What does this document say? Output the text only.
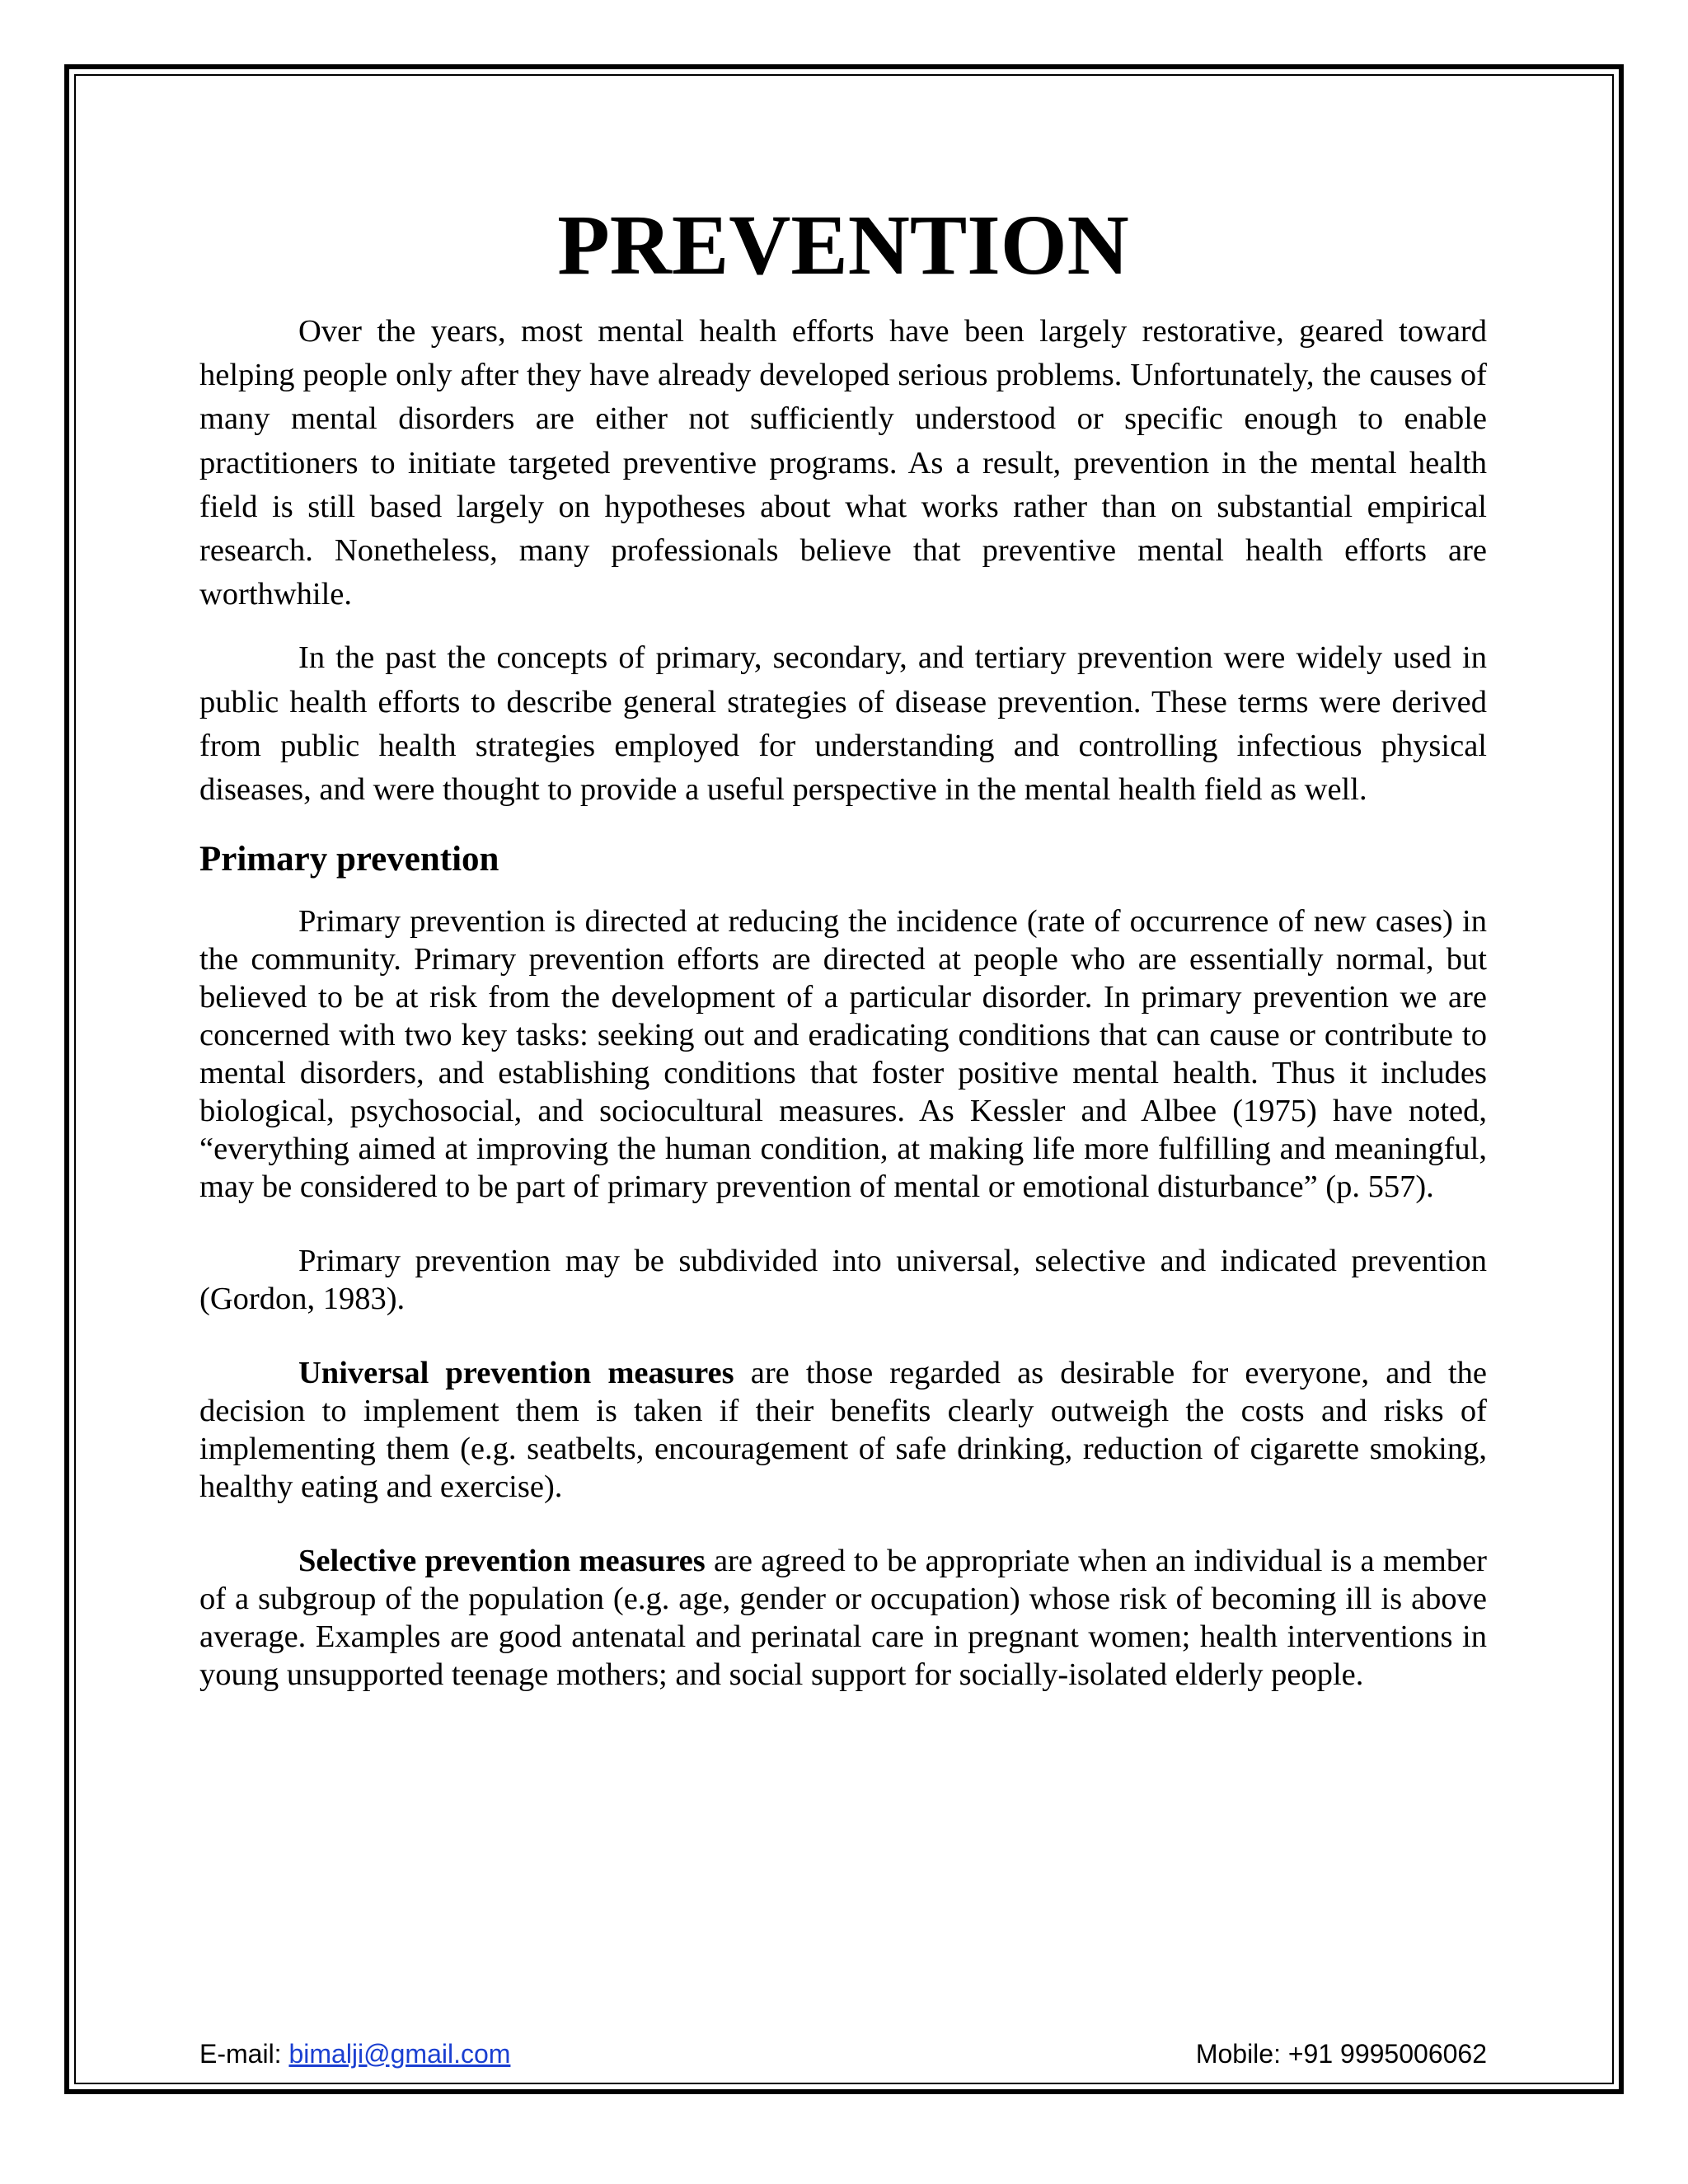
PREVENTION

Over the years, most mental health efforts have been largely restorative, geared toward helping people only after they have already developed serious problems. Unfortunately, the causes of many mental disorders are either not sufficiently understood or specific enough to enable practitioners to initiate targeted preventive programs. As a result, prevention in the mental health field is still based largely on hypotheses about what works rather than on substantial empirical research. Nonetheless, many professionals believe that preventive mental health efforts are worthwhile.

In the past the concepts of primary, secondary, and tertiary prevention were widely used in public health efforts to describe general strategies of disease prevention. These terms were derived from public health strategies employed for understanding and controlling infectious physical diseases, and were thought to provide a useful perspective in the mental health field as well.

Primary prevention

Primary prevention is directed at reducing the incidence (rate of occurrence of new cases) in the community. Primary prevention efforts are directed at people who are essentially normal, but believed to be at risk from the development of a particular disorder. In primary prevention we are concerned with two key tasks: seeking out and eradicating conditions that can cause or contribute to mental disorders, and establishing conditions that foster positive mental health. Thus it includes biological, psychosocial, and sociocultural measures. As Kessler and Albee (1975) have noted, “everything aimed at improving the human condition, at making life more fulfilling and meaningful, may be considered to be part of primary prevention of mental or emotional disturbance” (p. 557).

Primary prevention may be subdivided into universal, selective and indicated prevention (Gordon, 1983).

Universal prevention measures are those regarded as desirable for everyone, and the decision to implement them is taken if their benefits clearly outweigh the costs and risks of implementing them (e.g. seatbelts, encouragement of safe drinking, reduction of cigarette smoking, healthy eating and exercise).

Selective prevention measures are agreed to be appropriate when an individual is a member of a subgroup of the population (e.g. age, gender or occupation) whose risk of becoming ill is above average. Examples are good antenatal and perinatal care in pregnant women; health interventions in young unsupported teenage mothers; and social support for socially-isolated elderly people.

E-mail: bimalji@gmail.com	Mobile: +91 9995006062
